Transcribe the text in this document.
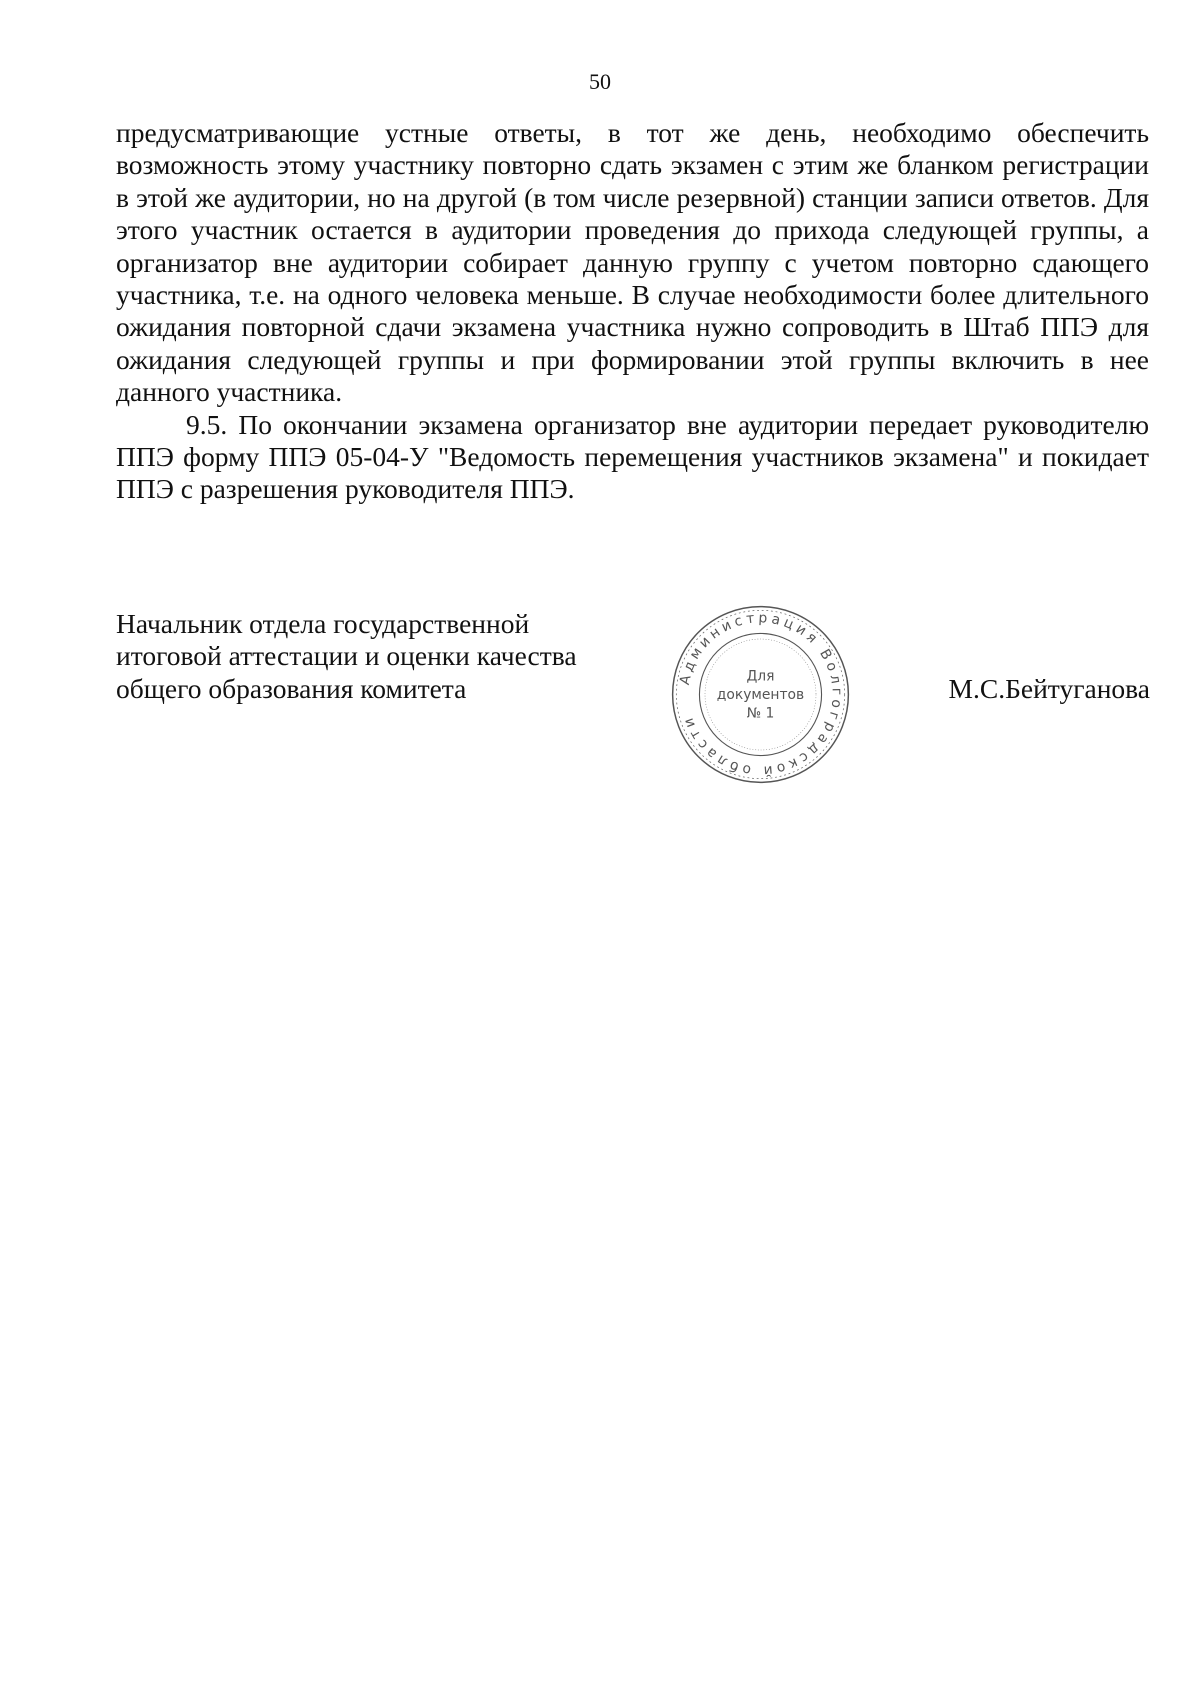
50

предусматривающие устные ответы, в тот же день, необходимо обеспечить возможность этому участнику повторно сдать экзамен с этим же бланком регистрации в этой же аудитории, но на другой (в том числе резервной) станции записи ответов. Для этого участник остается в аудитории проведения до прихода следующей группы, а организатор вне аудитории собирает данную группу с учетом повторно сдающего участника, т.е. на одного человека меньше. В случае необходимости более длительного ожидания повторной сдачи экзамена участника нужно сопроводить в Штаб ППЭ для ожидания следующей группы и при формировании этой группы включить в нее данного участника.

9.5. По окончании экзамена организатор вне аудитории передает руководителю ППЭ форму ППЭ 05-04-У "Ведомость перемещения участников экзамена" и покидает ППЭ с разрешения руководителя ППЭ.

Начальник отдела государственной
итоговой аттестации и оценки качества
общего образования комитета	Администрация Волгоградской области
Для
документов
№ 1
М.С.Бейтуганова
